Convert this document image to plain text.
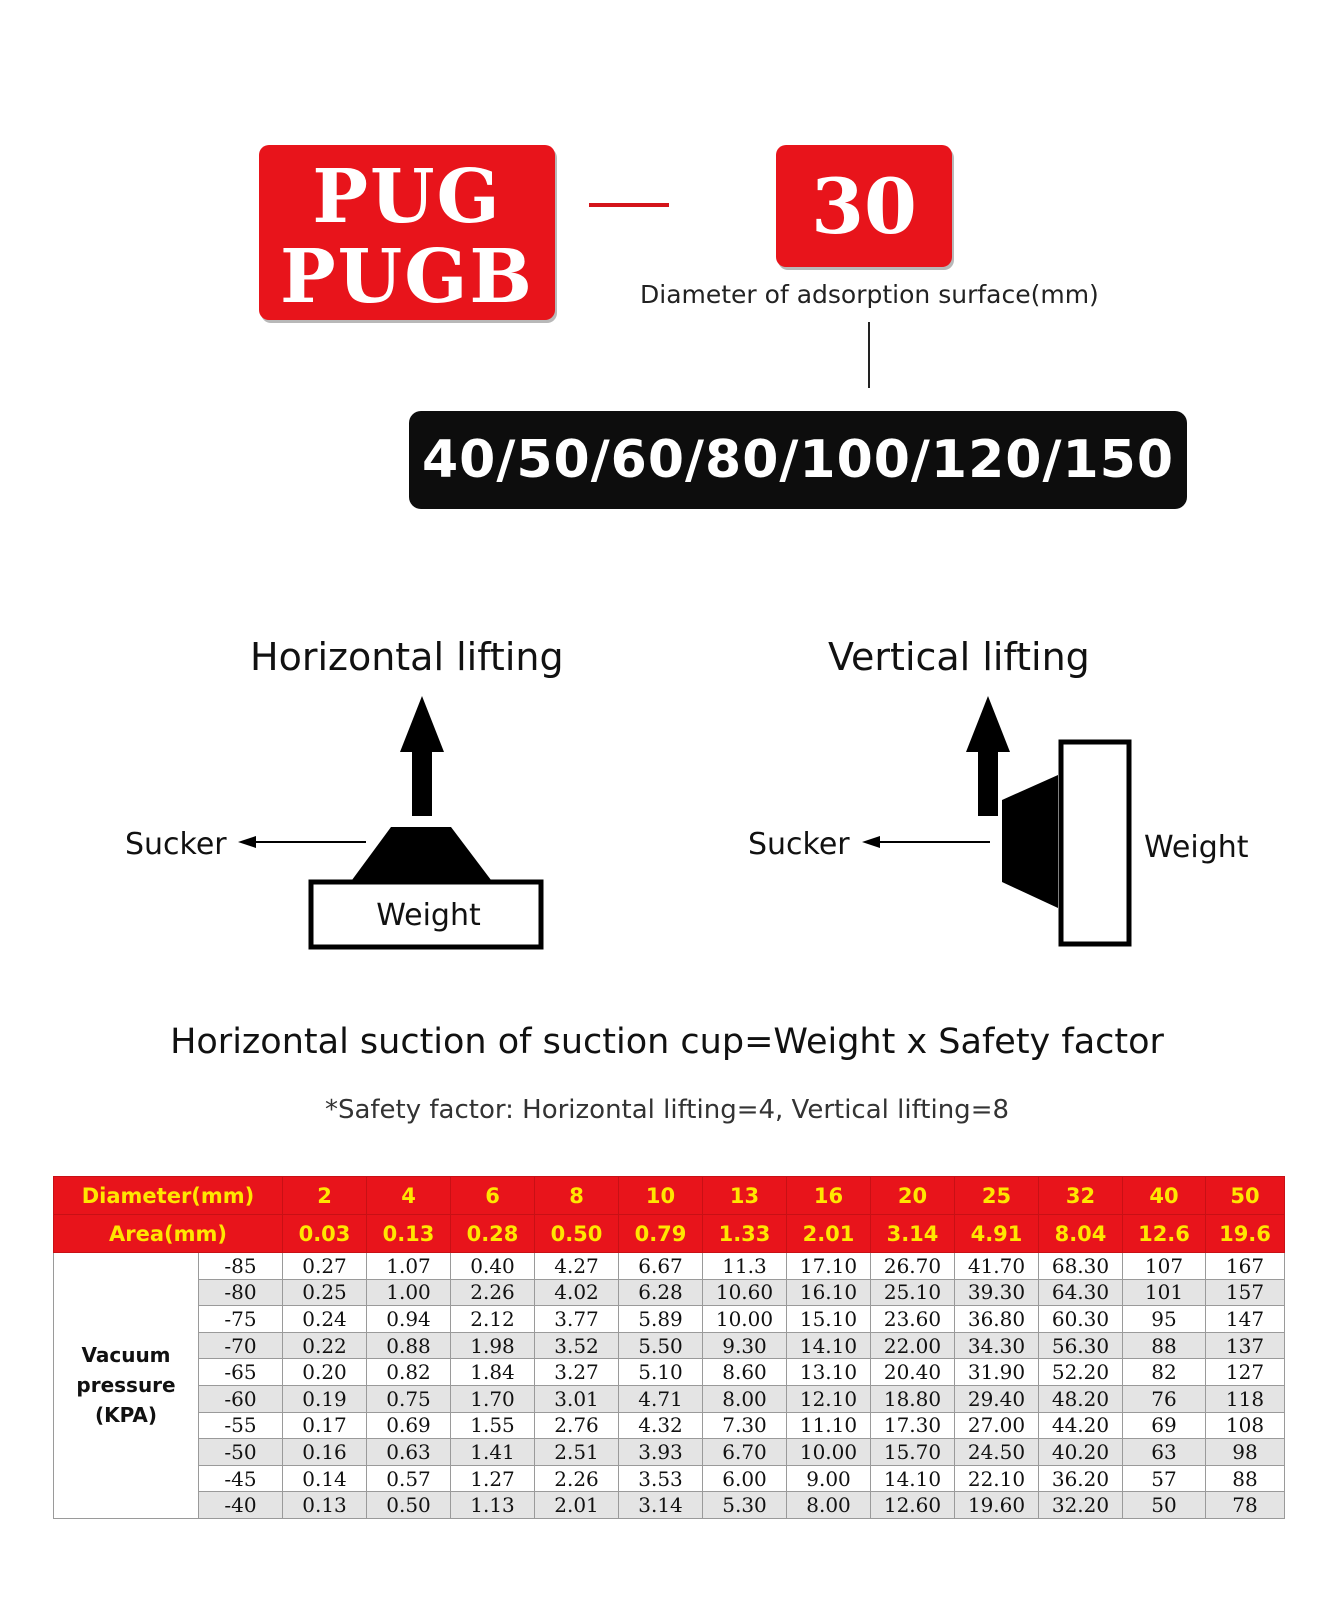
PUG
PUGB
30
Diameter of adsorption surface(mm)
40/50/60/80/100/120/150
Horizontal lifting	Vertical lifting
Sucker
Weight
Sucker	Weight
Horizontal suction of suction cup=Weight x Safety factor
*Safety factor: Horizontal lifting=4, Vertical lifting=8
Diameter(mm)		2	4	6	8	10	13	16	20	25	32	40	50
Area(mm)		0.03	0.13	0.28	0.50	0.79	1.33	2.01	3.14	4.91	8.04	12.6	19.6

Vacuum
pressure
(KPA)	-85	0.27	1.07	0.40	4.27	6.67	11.3	17.10	26.70	41.70	68.30	107	167
	-80	0.25	1.00	2.26	4.02	6.28	10.60	16.10	25.10	39.30	64.30	101	157
	-75	0.24	0.94	2.12	3.77	5.89	10.00	15.10	23.60	36.80	60.30	95	147
	-70	0.22	0.88	1.98	3.52	5.50	9.30	14.10	22.00	34.30	56.30	88	137
	-65	0.20	0.82	1.84	3.27	5.10	8.60	13.10	20.40	31.90	52.20	82	127
	-60	0.19	0.75	1.70	3.01	4.71	8.00	12.10	18.80	29.40	48.20	76	118
	-55	0.17	0.69	1.55	2.76	4.32	7.30	11.10	17.30	27.00	44.20	69	108
	-50	0.16	0.63	1.41	2.51	3.93	6.70	10.00	15.70	24.50	40.20	63	98
	-45	0.14	0.57	1.27	2.26	3.53	6.00	9.00	14.10	22.10	36.20	57	88
	-40	0.13	0.50	1.13	2.01	3.14	5.30	8.00	12.60	19.60	32.20	50	78
